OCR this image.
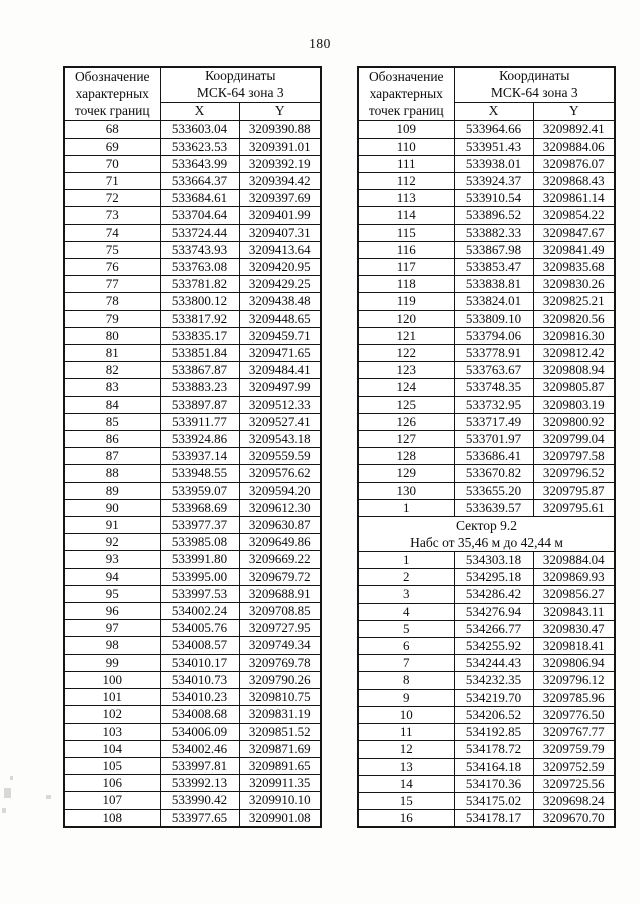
180
Обозначение характерных точек границ	Координаты
МСК-64 зона 3	

	X	Y
68	533603.04	3209390.88
69	533623.53	3209391.01
70	533643.99	3209392.19
71	533664.37	3209394.42
72	533684.61	3209397.69
73	533704.64	3209401.99
74	533724.44	3209407.31
75	533743.93	3209413.64
76	533763.08	3209420.95
77	533781.82	3209429.25
78	533800.12	3209438.48
79	533817.92	3209448.65
80	533835.17	3209459.71
81	533851.84	3209471.65
82	533867.87	3209484.41
83	533883.23	3209497.99
84	533897.87	3209512.33
85	533911.77	3209527.41
86	533924.86	3209543.18
87	533937.14	3209559.59
88	533948.55	3209576.62
89	533959.07	3209594.20
90	533968.69	3209612.30
91	533977.37	3209630.87
92	533985.08	3209649.86
93	533991.80	3209669.22
94	533995.00	3209679.72
95	533997.53	3209688.91
96	534002.24	3209708.85
97	534005.76	3209727.95
98	534008.57	3209749.34
99	534010.17	3209769.78
100	534010.73	3209790.26
101	534010.23	3209810.75
102	534008.68	3209831.19
103	534006.09	3209851.52
104	534002.46	3209871.69
105	533997.81	3209891.65
106	533992.13	3209911.35
107	533990.42	3209910.10
108	533977.65	3209901.08
Обозначение характерных точек границ	Координаты
МСК-64 зона 3	

	X	Y
109	533964.66	3209892.41
110	533951.43	3209884.06
111	533938.01	3209876.07
112	533924.37	3209868.43
113	533910.54	3209861.14
114	533896.52	3209854.22
115	533882.33	3209847.67
116	533867.98	3209841.49
117	533853.47	3209835.68
118	533838.81	3209830.26
119	533824.01	3209825.21
120	533809.10	3209820.56
121	533794.06	3209816.30
122	533778.91	3209812.42
123	533763.67	3209808.94
124	533748.35	3209805.87
125	533732.95	3209803.19
126	533717.49	3209800.92
127	533701.97	3209799.04
128	533686.41	3209797.58
129	533670.82	3209796.52
130	533655.20	3209795.87
1	533639.57	3209795.61

Сектор 9.2
Набс от 35,46 м до 42,44 м		

1	534303.18	3209884.04
2	534295.18	3209869.93
3	534286.42	3209856.27
4	534276.94	3209843.11
5	534266.77	3209830.47
6	534255.92	3209818.41
7	534244.43	3209806.94
8	534232.35	3209796.12
9	534219.70	3209785.96
10	534206.52	3209776.50
11	534192.85	3209767.77
12	534178.72	3209759.79
13	534164.18	3209752.59
14	534170.36	3209725.56
15	534175.02	3209698.24
16	534178.17	3209670.70
